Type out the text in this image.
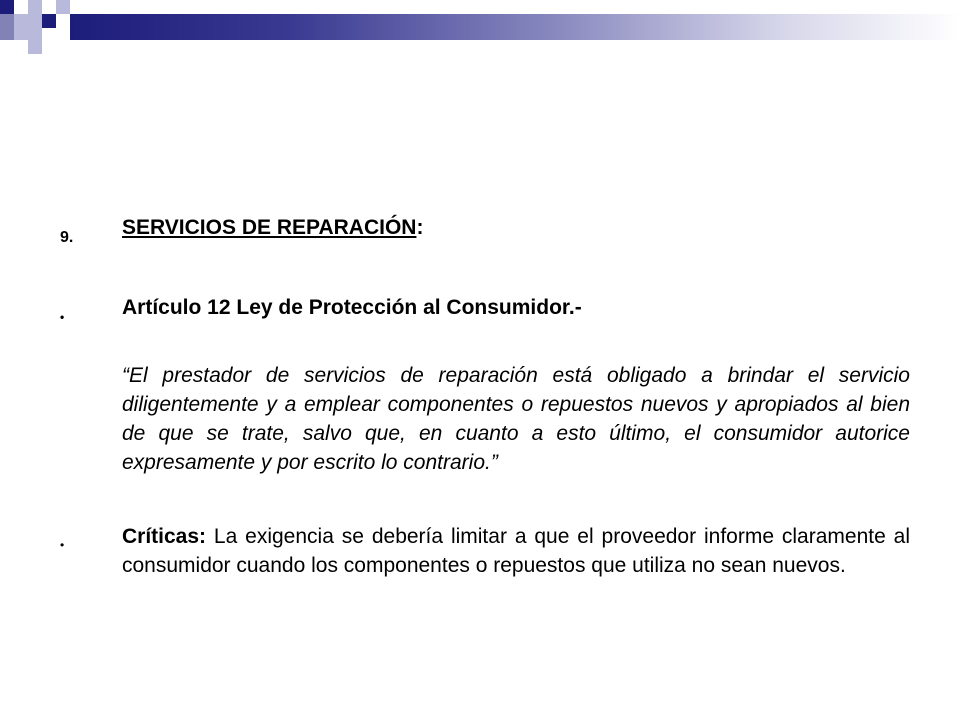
9. SERVICIOS DE REPARACIÓN:
•	Artículo 12 Ley de Protección al Consumidor.-
“El prestador de servicios de reparación está obligado a brindar el servicio diligentemente y a emplear componentes o repuestos nuevos y apropiados al bien de que se trate, salvo que, en cuanto a esto último, el consumidor autorice expresamente y por escrito lo contrario.”
•	Críticas: La exigencia se debería limitar a que el proveedor informe claramente al consumidor cuando los componentes o repuestos que utiliza no sean nuevos.
